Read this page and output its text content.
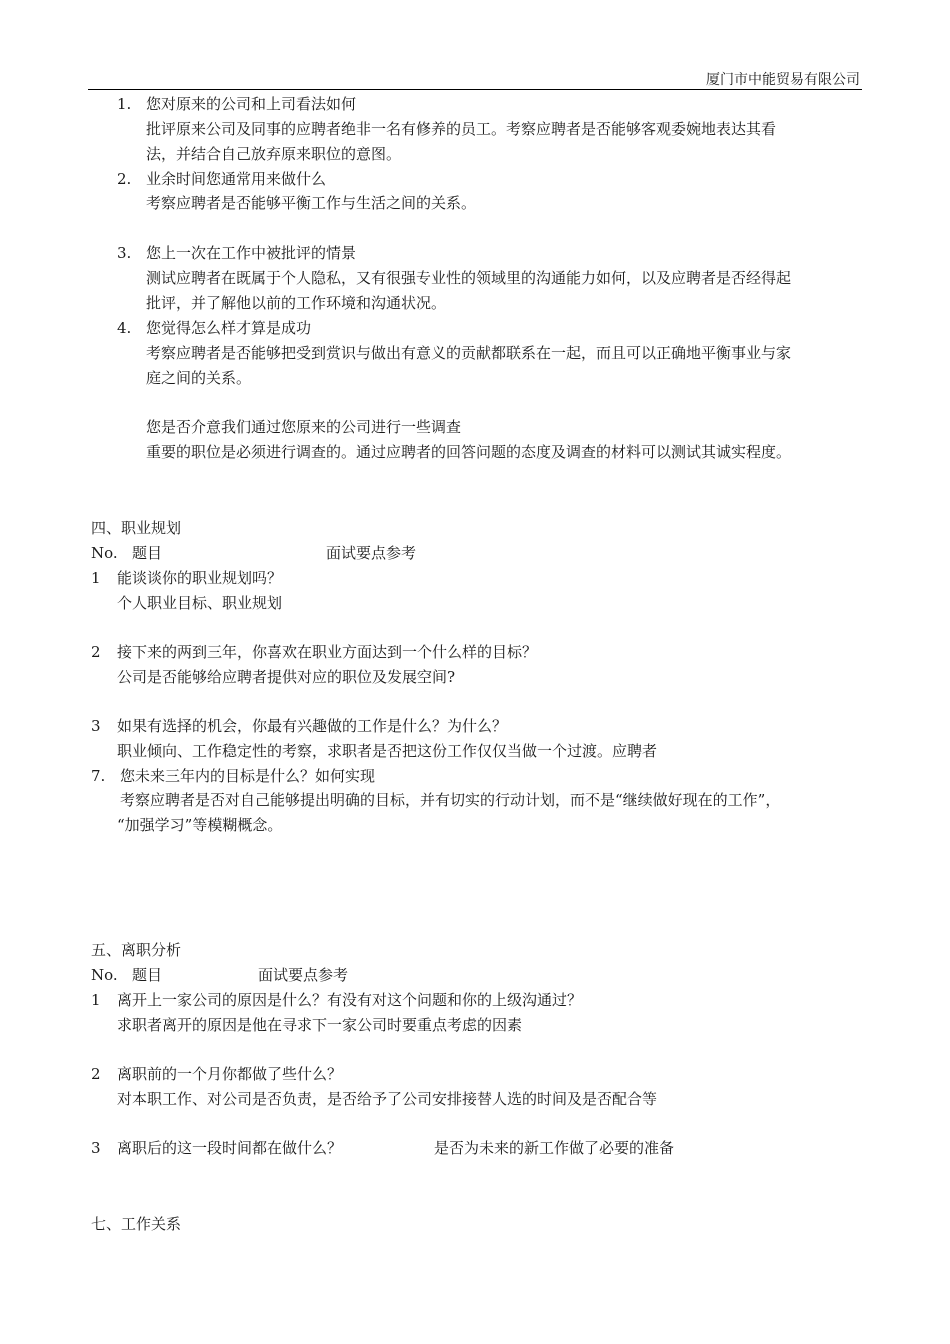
厦门市中能贸易有限公司
1. 您对原来的公司和上司看法如何
批评原来公司及同事的应聘者绝非一名有修养的员工。考察应聘者是否能够客观委婉地表达其看
法，并结合自己放弃原来职位的意图。
2. 业余时间您通常用来做什么
考察应聘者是否能够平衡工作与生活之间的关系。
3. 您上一次在工作中被批评的情景
测试应聘者在既属于个人隐私，又有很强专业性的领域里的沟通能力如何，以及应聘者是否经得起
批评，并了解他以前的工作环境和沟通状况。
4. 您觉得怎么样才算是成功
考察应聘者是否能够把受到赏识与做出有意义的贡献都联系在一起，而且可以正确地平衡事业与家
庭之间的关系。
您是否介意我们通过您原来的公司进行一些调查
重要的职位是必须进行调查的。通过应聘者的回答问题的态度及调查的材料可以测试其诚实程度。
四、职业规划
No. 题目	面试要点参考
1 能谈谈你的职业规划吗？
个人职业目标、职业规划
2 接下来的两到三年，你喜欢在职业方面达到一个什么样的目标？
公司是否能够给应聘者提供对应的职位及发展空间?
3 如果有选择的机会，你最有兴趣做的工作是什么？为什么？
职业倾向、工作稳定性的考察，求职者是否把这份工作仅仅当做一个过渡。应聘者
7. 您未来三年内的目标是什么？如何实现
考察应聘者是否对自己能够提出明确的目标，并有切实的行动计划，而不是“继续做好现在的工作”，
“加强学习”等模糊概念。
五、离职分析
No. 题目	面试要点参考
1 离开上一家公司的原因是什么？有没有对这个问题和你的上级沟通过？
求职者离开的原因是他在寻求下一家公司时要重点考虑的因素
2 离职前的一个月你都做了些什么？
对本职工作、对公司是否负责，是否给予了公司安排接替人选的时间及是否配合等
3 离职后的这一段时间都在做什么？	是否为未来的新工作做了必要的准备
七、工作关系
